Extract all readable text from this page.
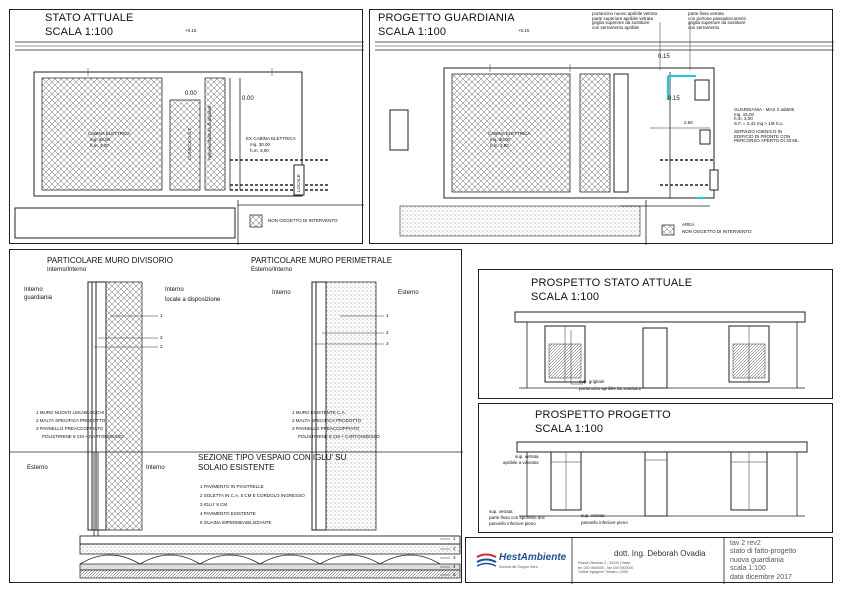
STATO ATTUALE
SCALA 1:100	+0.15
0.00
0.00
CABINA ELETTRICA
mq. 30,00
h.m. 3,00
EX CABINA ELETTRICA
mq. 30,00
h.m. 3,00
CUNICOLO N.T.	Apparecchiatura di impianti
LOCALE
NON OGGETTO DI INTERVENTO
PROGETTO GUARDIANIA
SCALA 1:100	+0.15
portoncino nuovo apribile vetrato
parte superiore apribile vetrata
griglia superiore da sostituire
con serramento apribile
parte fissa vetrata
con portone passadocumenti
griglia superiore da sostituire
con serramento
0.15
0.15
2.60
CABINA ELETTRICA
mq. 30,00
h.m. 3,00
GUARDIANIA - MAX 2 addetti
mq. 15,00
h.m. 3,00
S.F. = 2,42 mq > 1/8 S.u.
SERVIZIO IGIENICO IN
EDIFICIO DI FRONTE CON
PERCORSO APERTO DI 33 ML
AREA
NON OGGETTO DI INTERVENTO
PARTICOLARE MURO DIVISORIO
Interno/Interno
Interno
guardiania
Interno
locale a disposizione
1
2
2
1 MURO NUOVO LEKABLOCCHI
2 MALTA SPECIFICA PRODOTTO
3 PANNELLO PREACCOPPIATO
POLISTIRENE 8 CM + CARTONGESSO
PARTICOLARE MURO PERIMETRALE
Esterno/Interno
Interno	Esterno
1
2
3
1 MURO ESISTENTE C.A.
2 MALTA SPECIFICA PRODOTTO
3 PANNELLO PREACCOPPIATO
POLISTIRENE 8 CM + CARTONGESSO
Esterno	Interno
SEZIONE TIPO VESPAIO CON IGLU' SU
SOLAIO ESISTENTE
1 PAVIMENTO IN PIASTRELLE
2 SOLETTA IN C.A. 5 CM E CORDOLO INGRESSO
3 IGLU' 8 CM
4 PAVIMENTO ESISTENTE
5 GUAINA IMPERMEABILIZZANTE
1
2
3
4
5
PROSPETTO STATO ATTUALE
SCALA 1:100
sup. grigliate
portoncino apribile da sostituire
PROSPETTO PROGETTO
SCALA 1:100
sup. vetrata
apribile a vasistas
sup. vetrata
parte fissa con sportello doc
pannello inferiore pieno
sup. vetrata
pannello inferiore pieno
HestAmbiente
Società del Gruppo Hera
dott. Ing. Deborah Ovadia
Piazza Oberdan 2 - 34133 Trieste
tel. 040 0000000 - fax 040 0000000
Ordine Ingegneri Trieste n. 0000
tav 2 rev2
stato di fatto-progetto
nuova guardiania
scala 1:100
data dicembre 2017
